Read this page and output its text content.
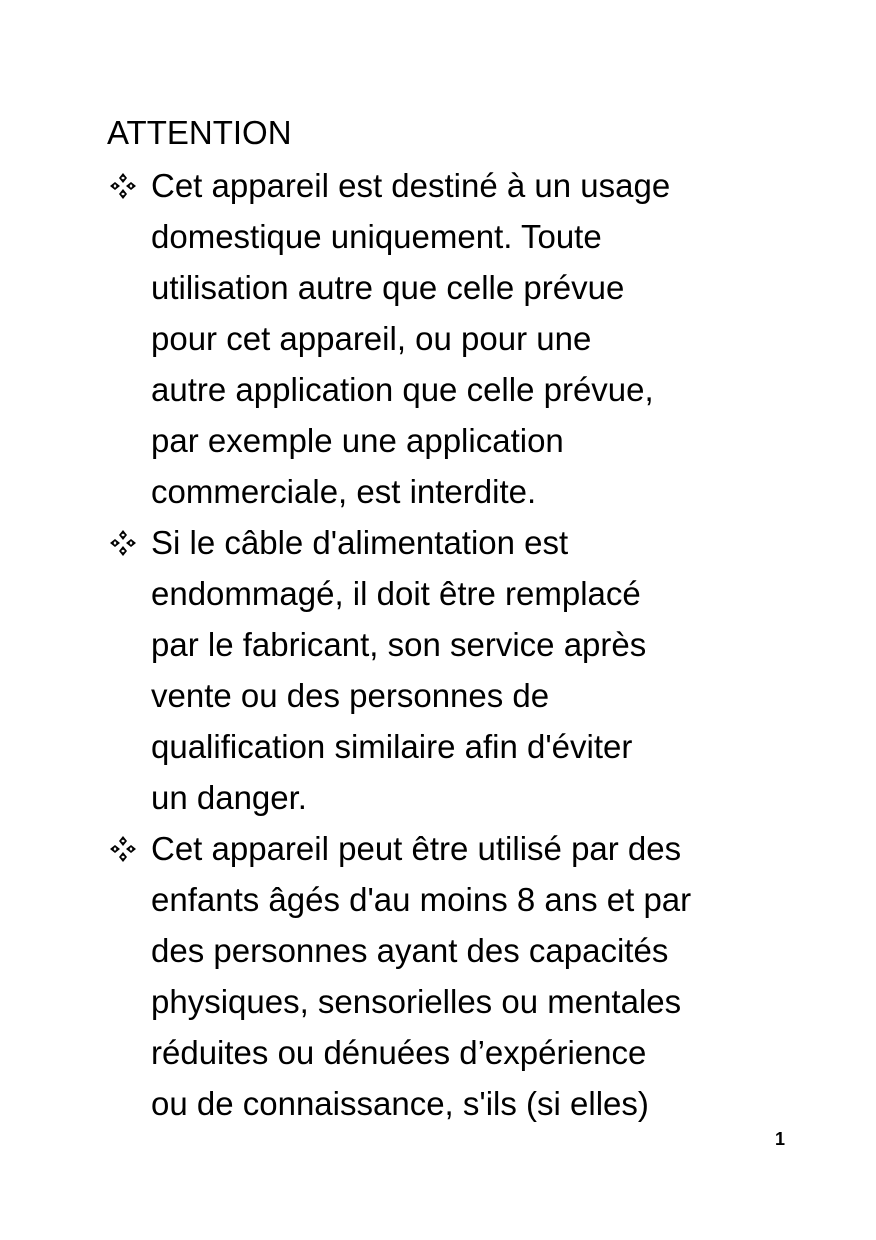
ATTENTION
Cet appareil est destiné à un usage
domestique uniquement. Toute
utilisation autre que celle prévue
pour cet appareil, ou pour une
autre application que celle prévue,
par exemple une application
commerciale, est interdite.
Si le câble d'alimentation est
endommagé, il doit être remplacé
par le fabricant, son service après
vente ou des personnes de
qualification similaire afin d'éviter
un danger.
Cet appareil peut être utilisé par des
enfants âgés d'au moins 8 ans et par
des personnes ayant des capacités
physiques, sensorielles ou mentales
réduites ou dénuées d’expérience
ou de connaissance, s'ils (si elles)
1
